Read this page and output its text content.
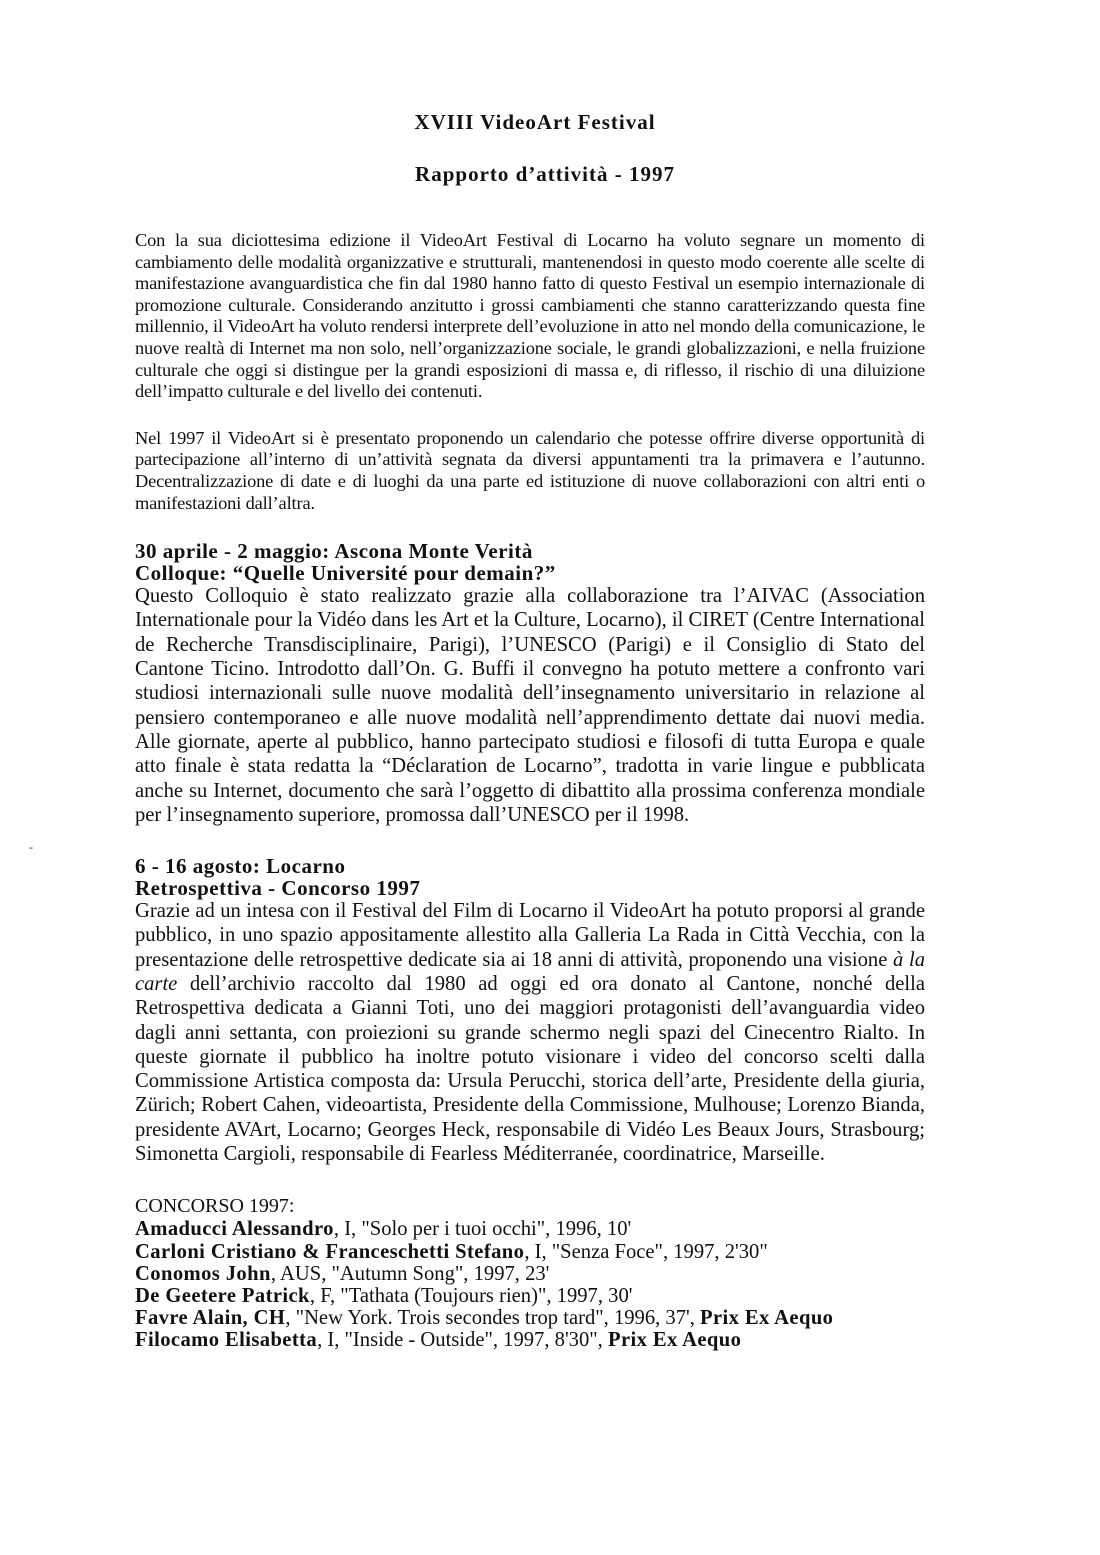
-
XVIII VideoArt Festival
Rapporto d’attività - 1997

Con la sua diciottesima edizione il VideoArt Festival di Locarno ha voluto segnare un momento di cambiamento delle modalità organizzative e strutturali, mantenendosi in questo modo coerente alle scelte di manifestazione avanguardistica che fin dal 1980 hanno fatto di questo Festival un esempio internazionale di promozione culturale. Considerando anzitutto i grossi cambiamenti che stanno caratterizzando questa fine millennio, il VideoArt ha voluto rendersi interprete dell’evoluzione in atto nel mondo della comunicazione, le nuove realtà di Internet ma non solo, nell’organizzazione sociale, le grandi globalizzazioni, e nella fruizione culturale che oggi si distingue per la grandi esposizioni di massa e, di riflesso, il rischio di una diluizione dell’impatto culturale e del livello dei contenuti.

Nel 1997 il VideoArt si è presentato proponendo un calendario che potesse offrire diverse opportunità di partecipazione all’interno di un’attività segnata da diversi appuntamenti tra la primavera e l’autunno. Decentralizzazione di date e di luoghi da una parte ed istituzione di nuove collaborazioni con altri enti o manifestazioni dall’altra.

30 aprile - 2 maggio: Ascona Monte Verità
Colloque: “Quelle Université pour demain?”

Questo Colloquio è stato realizzato grazie alla collaborazione tra l’AIVAC (Association Internationale pour la Vidéo dans les Art et la Culture, Locarno), il CIRET (Centre International de Recherche Transdisciplinaire, Parigi), l’UNESCO (Parigi) e il Consiglio di Stato del Cantone Ticino. Introdotto dall’On. G. Buffi il convegno ha potuto mettere a confronto vari studiosi internazionali sulle nuove modalità dell’insegnamento universitario in relazione al pensiero contemporaneo e alle nuove modalità nell’apprendimento dettate dai nuovi media. Alle giornate, aperte al pubblico, hanno partecipato studiosi e filosofi di tutta Europa e quale atto finale è stata redatta la “Déclaration de Locarno”, tradotta in varie lingue e pubblicata anche su Internet, documento che sarà l’oggetto di dibattito alla prossima conferenza mondiale per l’insegnamento superiore, promossa dall’UNESCO per il 1998.

6 - 16 agosto: Locarno
Retrospettiva - Concorso 1997

Grazie ad un intesa con il Festival del Film di Locarno il VideoArt ha potuto proporsi al grande pubblico, in uno spazio appositamente allestito alla Galleria La Rada in Città Vecchia, con la presentazione delle retrospettive dedicate sia ai 18 anni di attività, proponendo una visione à la carte dell’archivio raccolto dal 1980 ad oggi ed ora donato al Cantone, nonché della Retrospettiva dedicata a Gianni Toti, uno dei maggiori protagonisti dell’avanguardia video dagli anni settanta, con proiezioni su grande schermo negli spazi del Cinecentro Rialto. In queste giornate il pubblico ha inoltre potuto visionare i video del concorso scelti dalla Commissione Artistica composta da: Ursula Perucchi, storica dell’arte, Presidente della giuria, Zürich; Robert Cahen, videoartista, Presidente della Commissione, Mulhouse; Lorenzo Bianda, presidente AVArt, Locarno; Georges Heck, responsabile di Vidéo Les Beaux Jours, Strasbourg; Simonetta Cargioli, responsabile di Fearless Méditerranée, coordinatrice, Marseille.

CONCORSO 1997:

Amaducci Alessandro, I, "Solo per i tuoi occhi", 1996, 10'

Carloni Cristiano & Franceschetti Stefano, I, "Senza Foce", 1997, 2'30"

Conomos John, AUS, "Autumn Song", 1997, 23'

De Geetere Patrick, F, "Tathata (Toujours rien)", 1997, 30'

Favre Alain, CH, "New York. Trois secondes trop tard", 1996, 37', Prix Ex Aequo

Filocamo Elisabetta, I, "Inside - Outside", 1997, 8'30", Prix Ex Aequo
